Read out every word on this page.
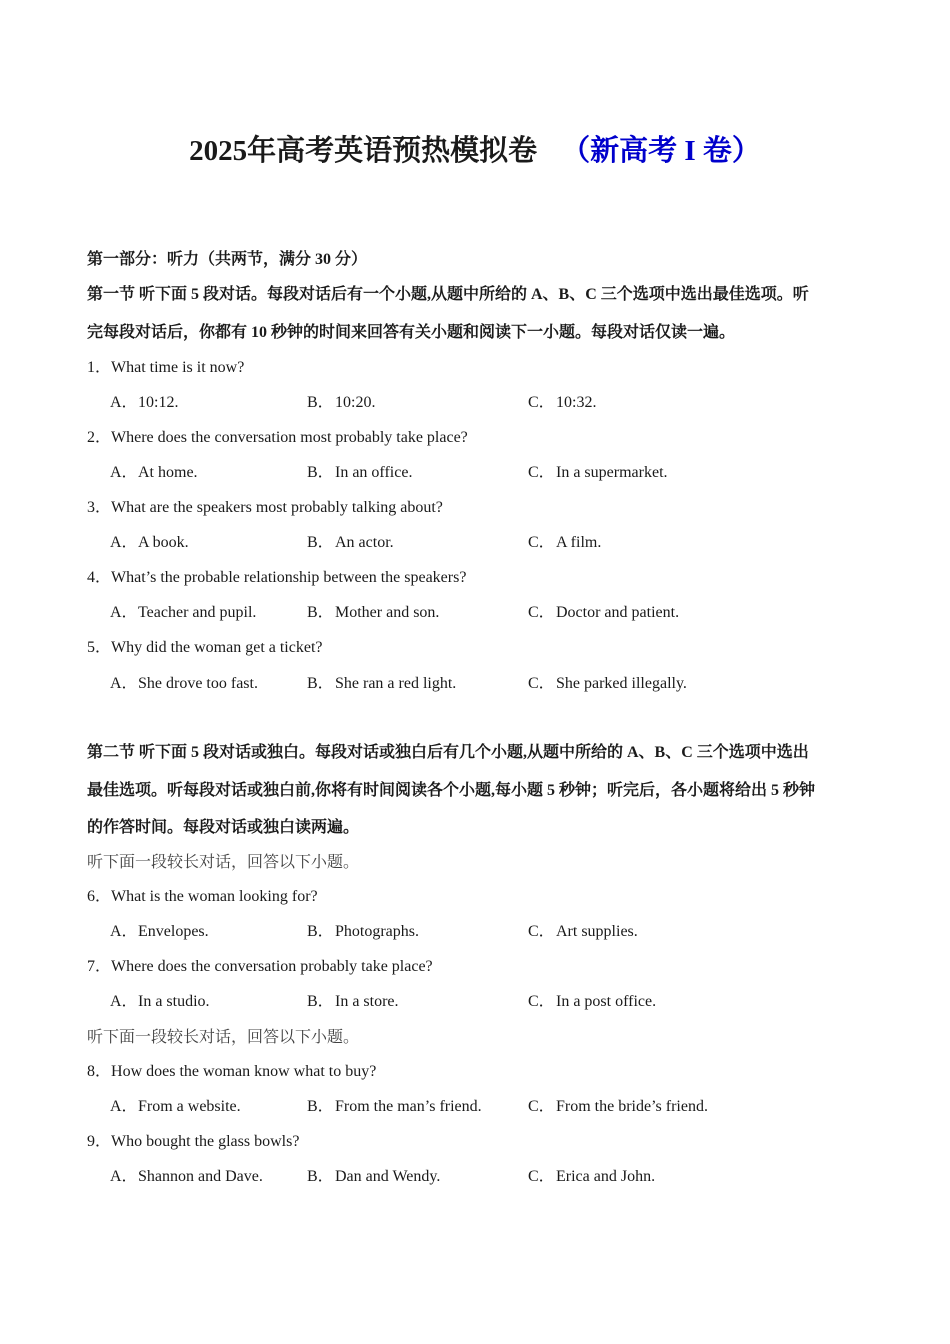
2025年高考英语预热模拟卷 （新高考 I 卷）
第一部分：听力（共两节，满分 30 分）
第一节 听下面 5 段对话。每段对话后有一个小题,从题中所给的 A、B、C 三个选项中选出最佳选项。听
完每段对话后，你都有 10 秒钟的时间来回答有关小题和阅读下一小题。每段对话仅读一遍。
1．What time is it now?
A．10:12.	B．10:20.	C．10:32.
2．Where does the conversation most probably take place?
A．At home.	B．In an office.	C．In a supermarket.
3．What are the speakers most probably talking about?
A．A book.	B．An actor.	C．A film.
4．What’s the probable relationship between the speakers?
A．Teacher and pupil.	B．Mother and son.	C．Doctor and patient.
5．Why did the woman get a ticket?
A．She drove too fast.	B．She ran a red light.	C．She parked illegally.
第二节 听下面 5 段对话或独白。每段对话或独白后有几个小题,从题中所给的 A、B、C 三个选项中选出
最佳选项。听每段对话或独白前,你将有时间阅读各个小题,每小题 5 秒钟；听完后，各小题将给出 5 秒钟
的作答时间。每段对话或独白读两遍。
听下面一段较长对话，回答以下小题。
6．What is the woman looking for?
A．Envelopes.	B．Photographs.	C．Art supplies.
7．Where does the conversation probably take place?
A．In a studio.	B．In a store.	C．In a post office.
听下面一段较长对话，回答以下小题。
8．How does the woman know what to buy?
A．From a website.	B．From the man’s friend.	C．From the bride’s friend.
9．Who bought the glass bowls?
A．Shannon and Dave.	B．Dan and Wendy.	C．Erica and John.
